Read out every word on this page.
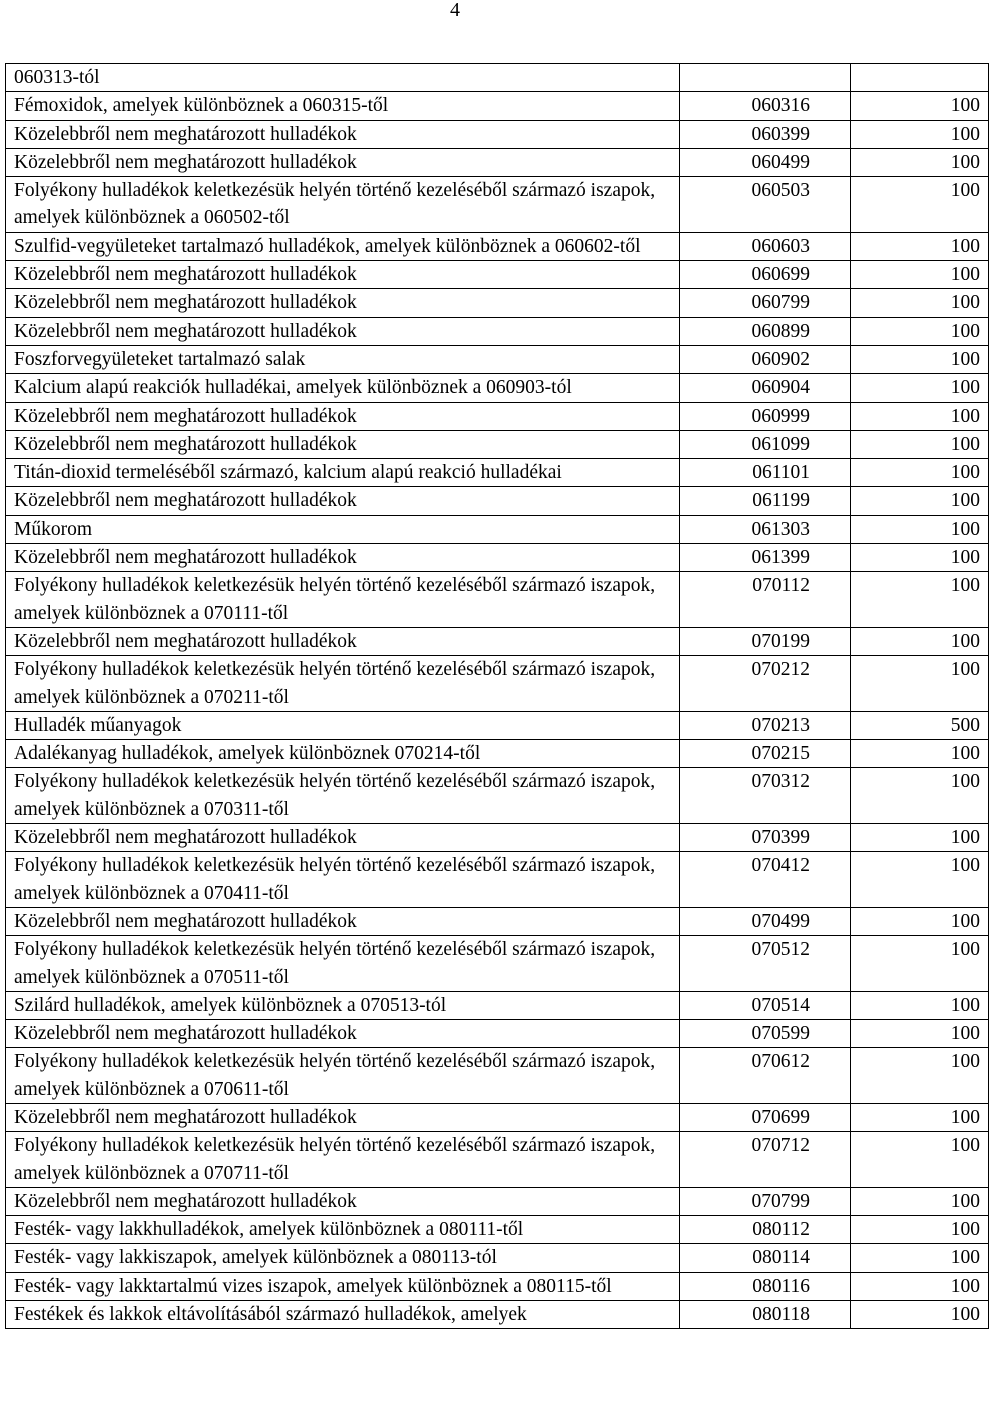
4
060313-tól		
Fémoxidok, amelyek különböznek a 060315-től	060316	100
Közelebbről nem meghatározott hulladékok	060399	100
Közelebbről nem meghatározott hulladékok	060499	100
Folyékony hulladékok keletkezésük helyén történő kezeléséből származó iszapok, amelyek különböznek a 060502-től	060503	100
Szulfid-vegyületeket tartalmazó hulladékok, amelyek különböznek a 060602-től	060603	100
Közelebbről nem meghatározott hulladékok	060699	100
Közelebbről nem meghatározott hulladékok	060799	100
Közelebbről nem meghatározott hulladékok	060899	100
Foszforvegyületeket tartalmazó salak	060902	100
Kalcium alapú reakciók hulladékai, amelyek különböznek a 060903-tól	060904	100
Közelebbről nem meghatározott hulladékok	060999	100
Közelebbről nem meghatározott hulladékok	061099	100
Titán-dioxid termeléséből származó, kalcium alapú reakció hulladékai	061101	100
Közelebbről nem meghatározott hulladékok	061199	100
Műkorom	061303	100
Közelebbről nem meghatározott hulladékok	061399	100
Folyékony hulladékok keletkezésük helyén történő kezeléséből származó iszapok, amelyek különböznek a 070111-től	070112	100
Közelebbről nem meghatározott hulladékok	070199	100
Folyékony hulladékok keletkezésük helyén történő kezeléséből származó iszapok, amelyek különböznek a 070211-től	070212	100
Hulladék műanyagok	070213	500
Adalékanyag hulladékok, amelyek különböznek 070214-től	070215	100
Folyékony hulladékok keletkezésük helyén történő kezeléséből származó iszapok, amelyek különböznek a 070311-től	070312	100
Közelebbről nem meghatározott hulladékok	070399	100
Folyékony hulladékok keletkezésük helyén történő kezeléséből származó iszapok, amelyek különböznek a 070411-től	070412	100
Közelebbről nem meghatározott hulladékok	070499	100
Folyékony hulladékok keletkezésük helyén történő kezeléséből származó iszapok, amelyek különböznek a 070511-től	070512	100
Szilárd hulladékok, amelyek különböznek a 070513-tól	070514	100
Közelebbről nem meghatározott hulladékok	070599	100
Folyékony hulladékok keletkezésük helyén történő kezeléséből származó iszapok, amelyek különböznek a 070611-től	070612	100
Közelebbről nem meghatározott hulladékok	070699	100
Folyékony hulladékok keletkezésük helyén történő kezeléséből származó iszapok, amelyek különböznek a 070711-től	070712	100
Közelebbről nem meghatározott hulladékok	070799	100
Festék- vagy lakkhulladékok, amelyek különböznek a 080111-től	080112	100
Festék- vagy lakkiszapok, amelyek különböznek a 080113-tól	080114	100
Festék- vagy lakktartalmú vizes iszapok, amelyek különböznek a 080115-től	080116	100
Festékek és lakkok eltávolításából származó hulladékok, amelyek	080118	100
